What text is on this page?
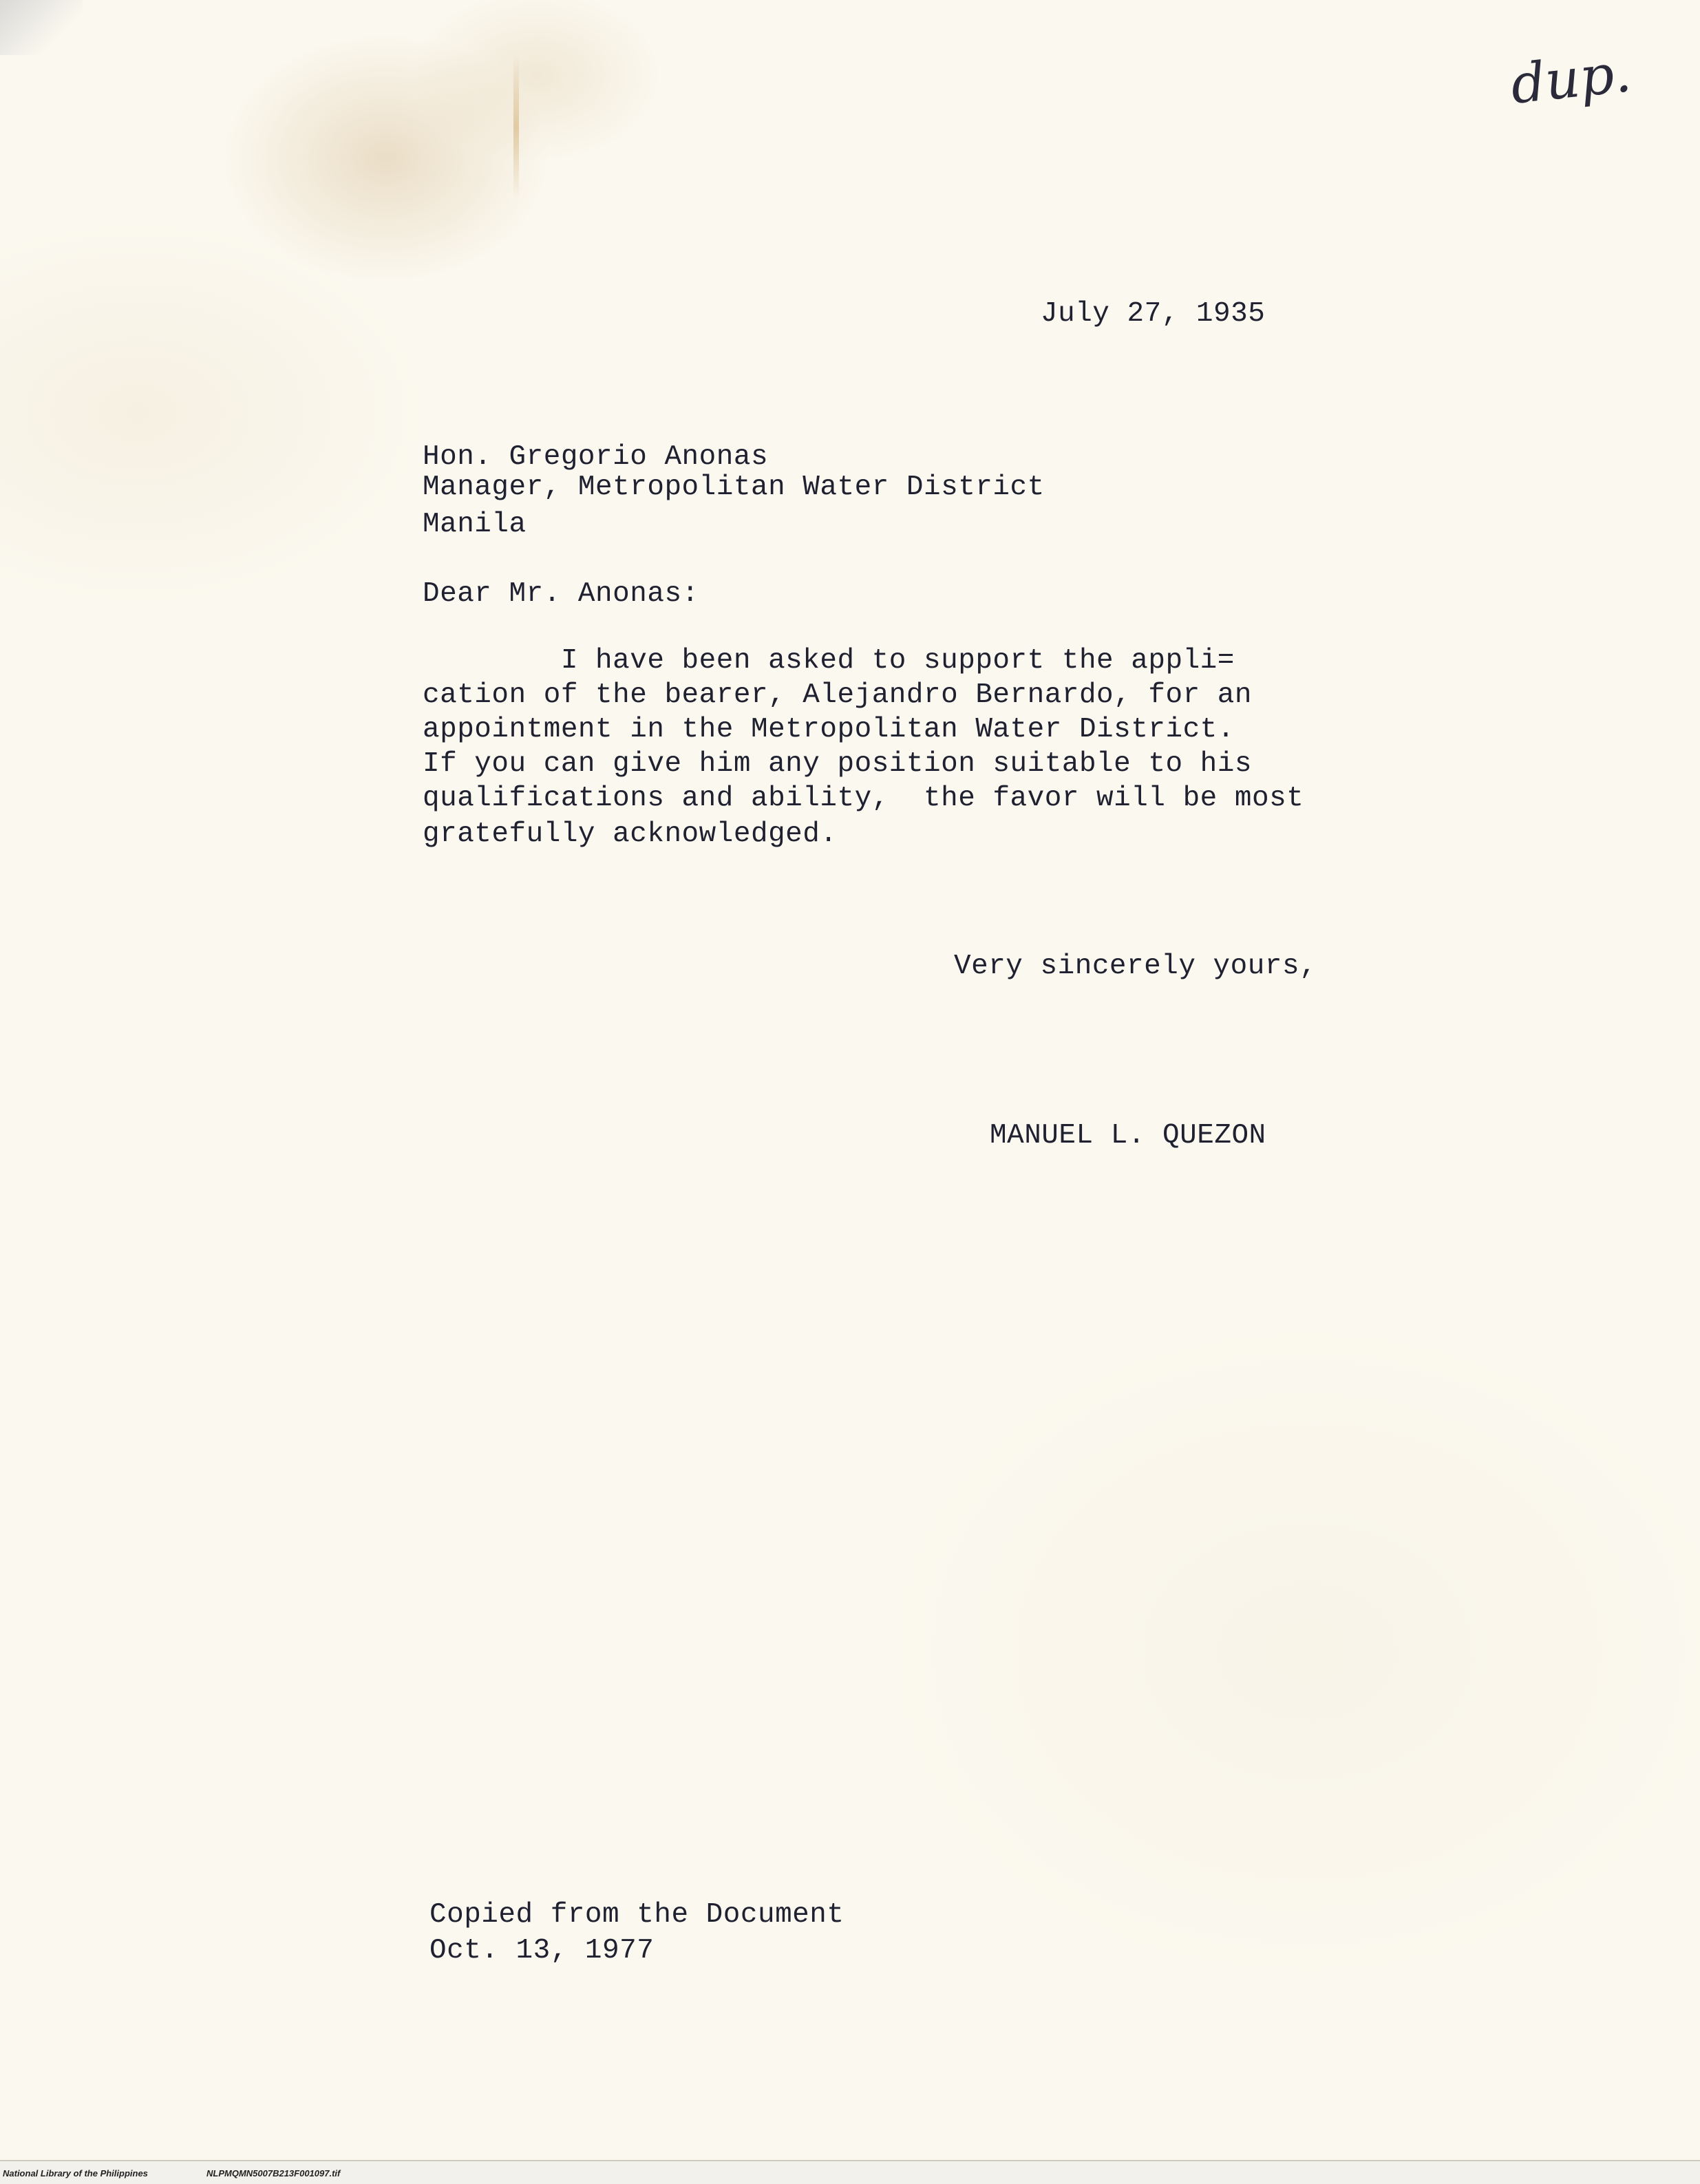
dup.
July 27, 1935
Hon. Gregorio Anonas
Manager, Metropolitan Water District
Manila
Dear Mr. Anonas:
I have been asked to support the appli=
cation of the bearer, Alejandro Bernardo, for an
appointment in the Metropolitan Water District.
If you can give him any position suitable to his
qualifications and ability,  the favor will be most
gratefully acknowledged.
Very sincerely yours,
MANUEL L. QUEZON
Copied from the Document
Oct. 13, 1977
National Library of the Philippines	NLPMQMN5007B213F001097.tif
